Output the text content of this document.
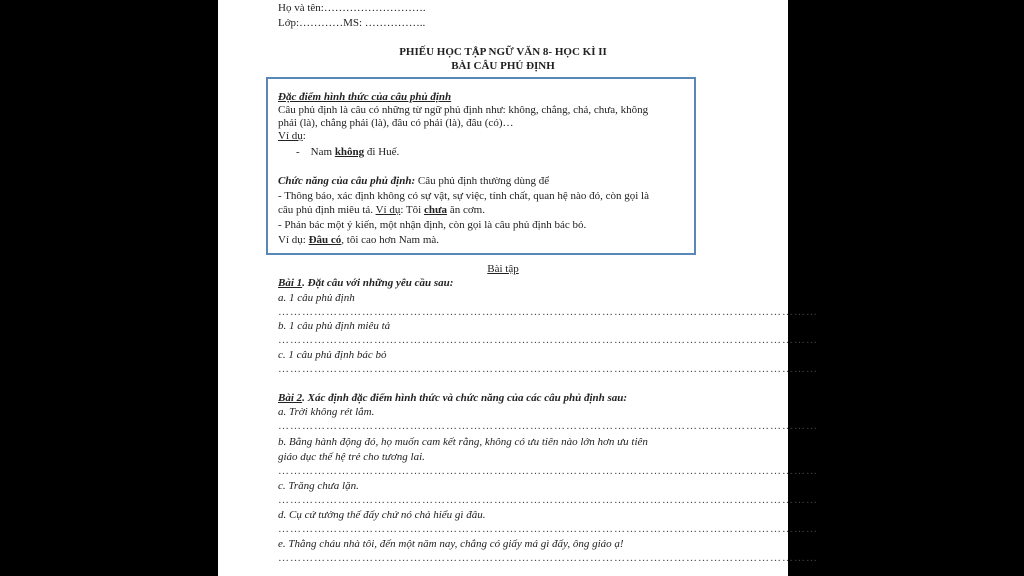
Họ và tên:……………………….
Lớp:…………MS: ……………..
PHIẾU HỌC TẬP NGỮ VĂN 8- HỌC KÌ II
BÀI CÂU PHỦ ĐỊNH
Đặc điểm hình thức của câu phủ định
Câu phủ định là câu có những từ ngữ phủ định như: không, chẳng, chả, chưa, không
phải (là), chẳng phải (là), đâu có phải (là), đâu (có)…
Ví dụ:
- Nam không đi Huế.
Chức năng của câu phủ định: Câu phủ định thường dùng để
- Thông báo, xác định không có sự vật, sự việc, tính chất, quan hệ nào đó, còn gọi là
câu phủ định miêu tả. Ví dụ: Tôi chưa ăn cơm.
- Phản bác một ý kiến, một nhận định, còn gọi là câu phủ định bác bỏ.
Ví dụ: Đâu có, tôi cao hơn Nam mà.
Bài tập
Bài 1. Đặt câu với những yêu cầu sau:
a. 1 câu phủ định
………………………………………………………………………………………………………………………
b. 1 câu phủ định miêu tả
………………………………………………………………………………………………………………………
c. 1 câu phủ định bác bỏ
………………………………………………………………………………………………………………………
Bài 2. Xác định đặc điểm hình thức và chức năng của các câu phủ định sau:
a. Trời không rét lắm.
………………………………………………………………………………………………………………………
b. Bằng hành động đó, họ muốn cam kết rằng, không có ưu tiên nào lớn hơn ưu tiên
giáo dục thế hệ trẻ cho tương lai.
………………………………………………………………………………………………………………………
c. Trăng chưa lặn.
………………………………………………………………………………………………………………………
d. Cụ cứ tưởng thế đấy chứ nó chả hiểu gì đâu.
………………………………………………………………………………………………………………………
e. Thằng cháu nhà tôi, đến một năm nay, chẳng có giấy má gì đấy, ông giáo ạ!
………………………………………………………………………………………………………………………
